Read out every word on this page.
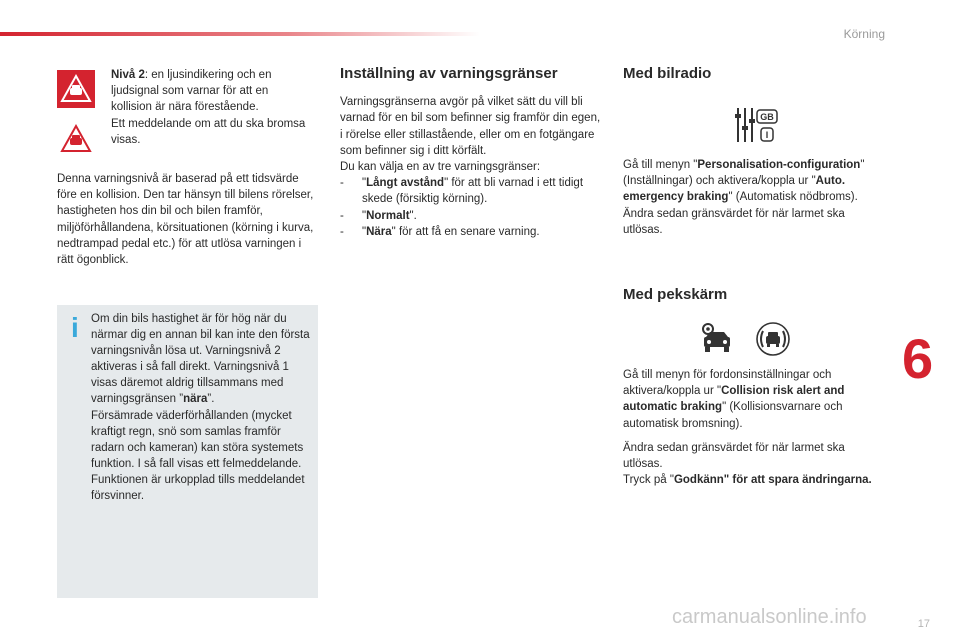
Körning
6
17
carmanualsonline.info

Nivå 2: en ljusindikering och en ljudsignal som varnar för att en kollision är nära förestående.

Ett meddelande om att du ska bromsa visas.

Denna varningsnivå är baserad på ett tidsvärde före en kollision. Den tar hänsyn till bilens rörelser, hastigheten hos din bil och bilen framför, miljöförhållandena, körsituationen (körning i kurva, nedtrampad pedal etc.) för att utlösa varningen i rätt ögonblick.

i Om din bils hastighet är för hög när du närmar dig en annan bil kan inte den första varningsnivån lösa ut. Varningsnivå 2 aktiveras i så fall direkt. Varningsnivå 1 visas däremot aldrig tillsammans med varningsgränsen ”nära”.

Försämrade väderförhållanden (mycket kraftigt regn, snö som samlas framför radarn och kameran) kan störa systemets funktion. I så fall visas ett felmeddelande. Funktionen är urkopplad tills meddelandet försvinner.

Inställning av varningsgränser

Varningsgränserna avgör på vilket sätt du vill bli varnad för en bil som befinner sig framför din egen, i rörelse eller stillastående, eller om en fotgängare som befinner sig i ditt körfält.

Du kan välja en av tre varningsgränser:

- "Långt avstånd" för att bli varnad i ett tidigt skede (försiktig körning).
- "Normalt".
- "Nära" för att få en senare varning.
Med bilradio
GB
I

Gå till menyn "Personalisation-configuration"(Inställningar) och aktivera/koppla ur "Auto. emergency braking" (Automatisk nödbroms).

Ändra sedan gränsvärdet för när larmet ska utlösas.

Med pekskärm

Gå till menyn för fordonsinställningar och aktivera/koppla ur "Collision risk alert and automatic braking" (Kollisionsvarnare och automatisk bromsning).

Ändra sedan gränsvärdet för när larmet ska utlösas.

Tryck på "Godkänn" för att spara ändringarna.
